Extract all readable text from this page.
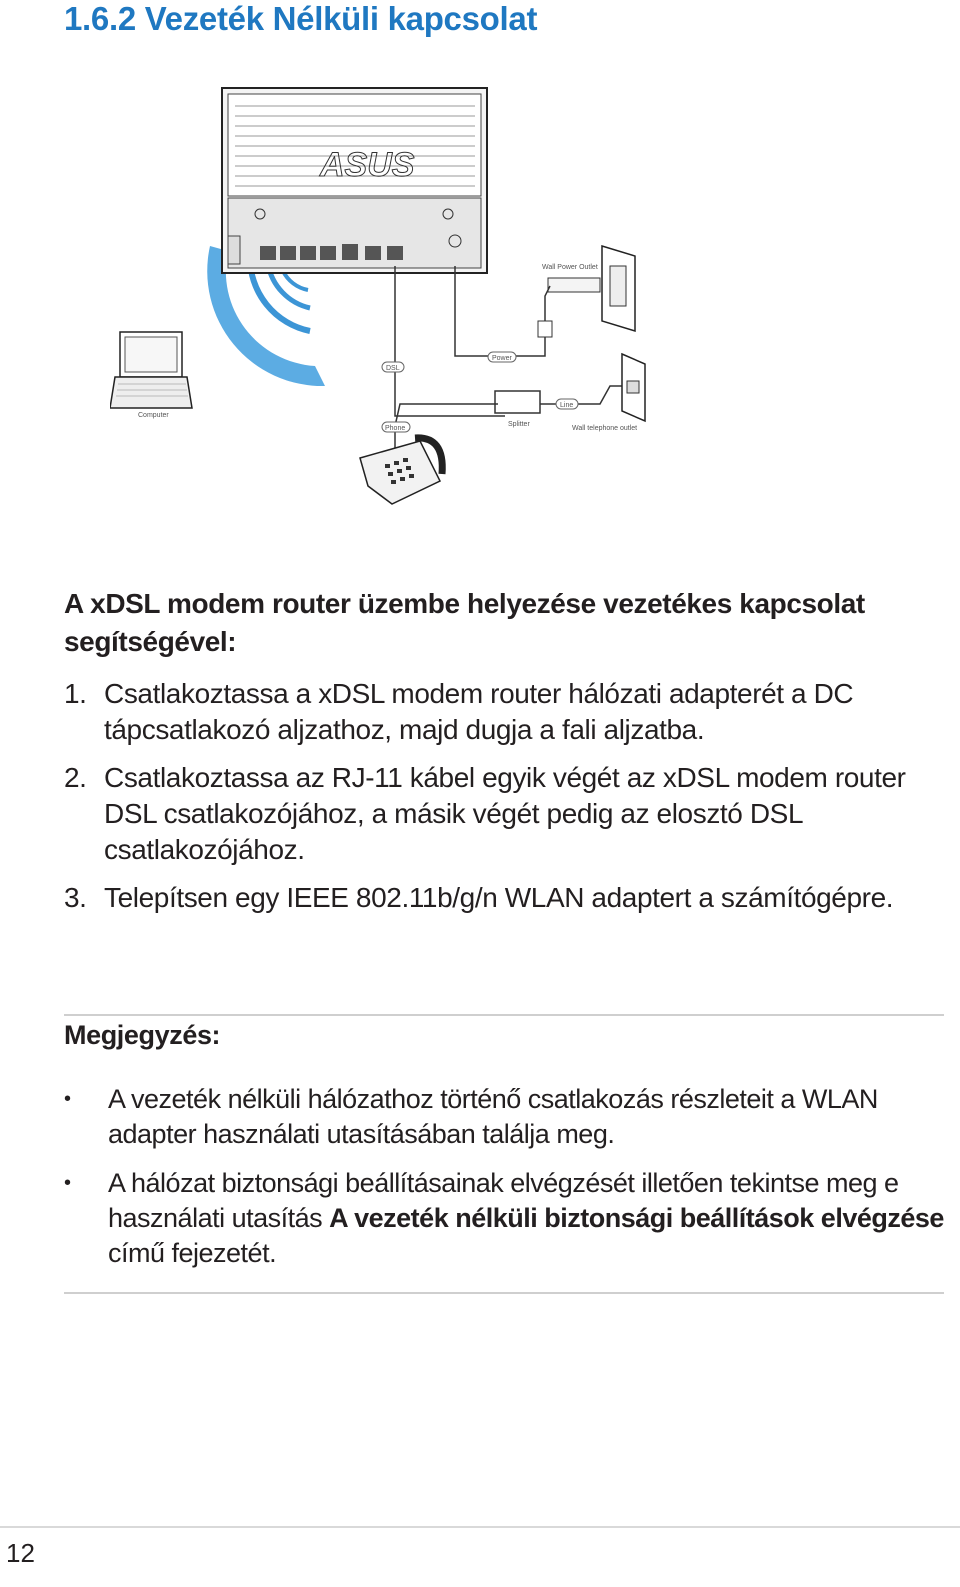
1.6.2 Vezeték Nélküli kapcsolat
ASUS
Wall Power Outlet
Power
DSL
Splitter
Phone
Line
Wall telephone outlet
Computer
A xDSL modem router üzembe helyezése vezetékes kapcsolat segítségével:
1. Csatlakoztassa a xDSL modem router hálózati adapterét a DC tápcsatlakozó aljzathoz, majd dugja a fali aljzatba.
2. Csatlakoztassa az RJ-11 kábel egyik végét az xDSL modem router DSL csatlakozójához, a másik végét pedig az elosztó DSL csatlakozójához.
3. Telepítsen egy IEEE 802.11b/g/n WLAN adaptert a számítógépre.
Megjegyzés:
• A vezeték nélküli hálózathoz történő csatlakozás részleteit a WLAN adapter használati utasításában találja meg.
• A hálózat biztonsági beállításainak elvégzését illetően tekintse meg e használati utasítás A vezeték nélküli biztonsági beállítások elvégzése című fejezetét.
12
